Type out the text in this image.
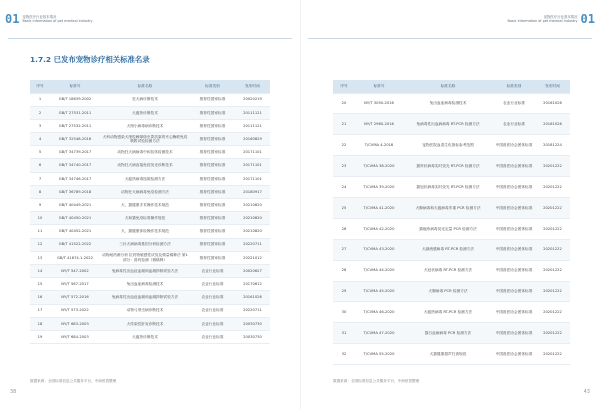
01 宠物医疗行业基本情况
Basic information of pet medical industry	01
宠物医疗行业基本情况
Basic information of pet medical industry
1.7.2 已发布宠物诊疗相关标准名录
序号	标准号	标准名称	标准类别	发布时间
1	GB/T 18639-2002	狂犬病诊断技术	推荐性国家标准	20020219
2	GB/T 27531-2011	犬瘟热诊断技术	推荐性国家标准	20111121
3	GB/T 27532-2011	犬细小病毒病诊断技术	推荐性国家标准	20111121
4	GB/T 32548-2016	犬科动物感染犬细粒棘球绦虫粪抗原的夹心酶联免疫吸附试验检测方法	推荐性国家标准	20160829
5	GB/T 34739-2017	动物狂犬病病毒中和抗体检测技术	推荐性国家标准	20171101
6	GB/T 34740-2017	动物狂犬病直接免疫荧光诊断技术	推荐性国家标准	20171101
7	GB/T 34746-2017	犬瘟热病毒蚀斑检测方法	推荐性国家标准	20171101
8	GB/T 36789-2018	动物狂犬病病毒免疫检测方法	推荐性国家标准	20180917
9	GB/T 40449-2021	犬、猫健康手术操作技术规范	推荐性国家标准	20210820
10	GB/T 40450-2021	犬和猫免疫标准操作规范	推荐性国家标准	20210820
11	GB/T 40452-2021	犬、猫健康体检操作技术规范	推荐性国家标准	20210820
12	GB/T 41522-2022	三针犬病病毒基因分析检测方法	推荐性国家标准	20220711
13	GB/T 41874.1-2022	动物耐药菌分析 抗药物敏感性试验及微量稀释法 第1部分：兽药检测（微稀释）	推荐性国家标准	20221012
14	NY/T 547-2002	兔病毒性出血症血凝和血凝抑制试验方法	农业行业标准	20020627
15	NY/T 567-2017	兔出血症病毒检测技术	农业行业标准	20170612
16	NY/T 572-2016	兔病毒性出血症血凝和血凝抑制试验方法	农业行业标准	20161026
17	NY/T 573-2022	动物弓形虫病诊断技术	农业行业标准	20220711
18	NY/T 683-2003	犬传染性肝炎诊断技术	农业行业标准	20030730
19	NY/T 684-2003	犬瘟热诊断技术	农业行业标准	20030730
序号	标准号	标准名称	标准类别	发布时间
20	NY/T 3050-2016	兔出血症病毒检测技术	农业行业标准	20161026
21	NY/T 2960-2016	兔病毒性出血病病毒 RT-PCR 检测方法	农业行业标准	20161026
22	T/CVMA 4-2018	宠物医院血清生化指标参考范围	中国兽医协会团体标准	20181224
23	T/CVMA 38-2020	猫杯状病毒实时荧光 RT-PCR 检测方法	中国兽医协会团体标准	20201222
24	T/CVMA 39-2020	猫冠状病毒实时荧光 RT-PCR 检测方法	中国兽医协会团体标准	20201222
25	T/CVMA 41-2020	犬腺病毒和犬瘟病毒多重 PCR 检测方法	中国兽医协会团体标准	20201222
26	T/CVMA 42-2020	猫疱疹病毒荧光定量 PCR 检测方法	中国兽医协会团体标准	20201222
27	T/CVMA 43-2020	犬副流感病毒 RT-PCR 检测方法	中国兽医协会团体标准	20201222
28	T/CVMA 44-2020	犬冠状病毒 RT-PCR 检测方法	中国兽医协会团体标准	20201222
29	T/CVMA 45-2020	犬腺病毒 PCR 检测方法	中国兽医协会团体标准	20201222
30	T/CVMA 46-2020	犬瘟热病毒 RT-PCR 检测方法	中国兽医协会团体标准	20201222
31	T/CVMA 47-2020	猫白血病病毒 PCR 检测方法	中国兽医协会团体标准	20201222
32	T/CVMA 55-2020	犬猫健康超声扫查规范	中国兽医协会团体标准	20201222
数据来源：全国标准信息公共服务平台，中商恒普整理	数据来源：全国标准信息公共服务平台，中商恒普整理
38	43
